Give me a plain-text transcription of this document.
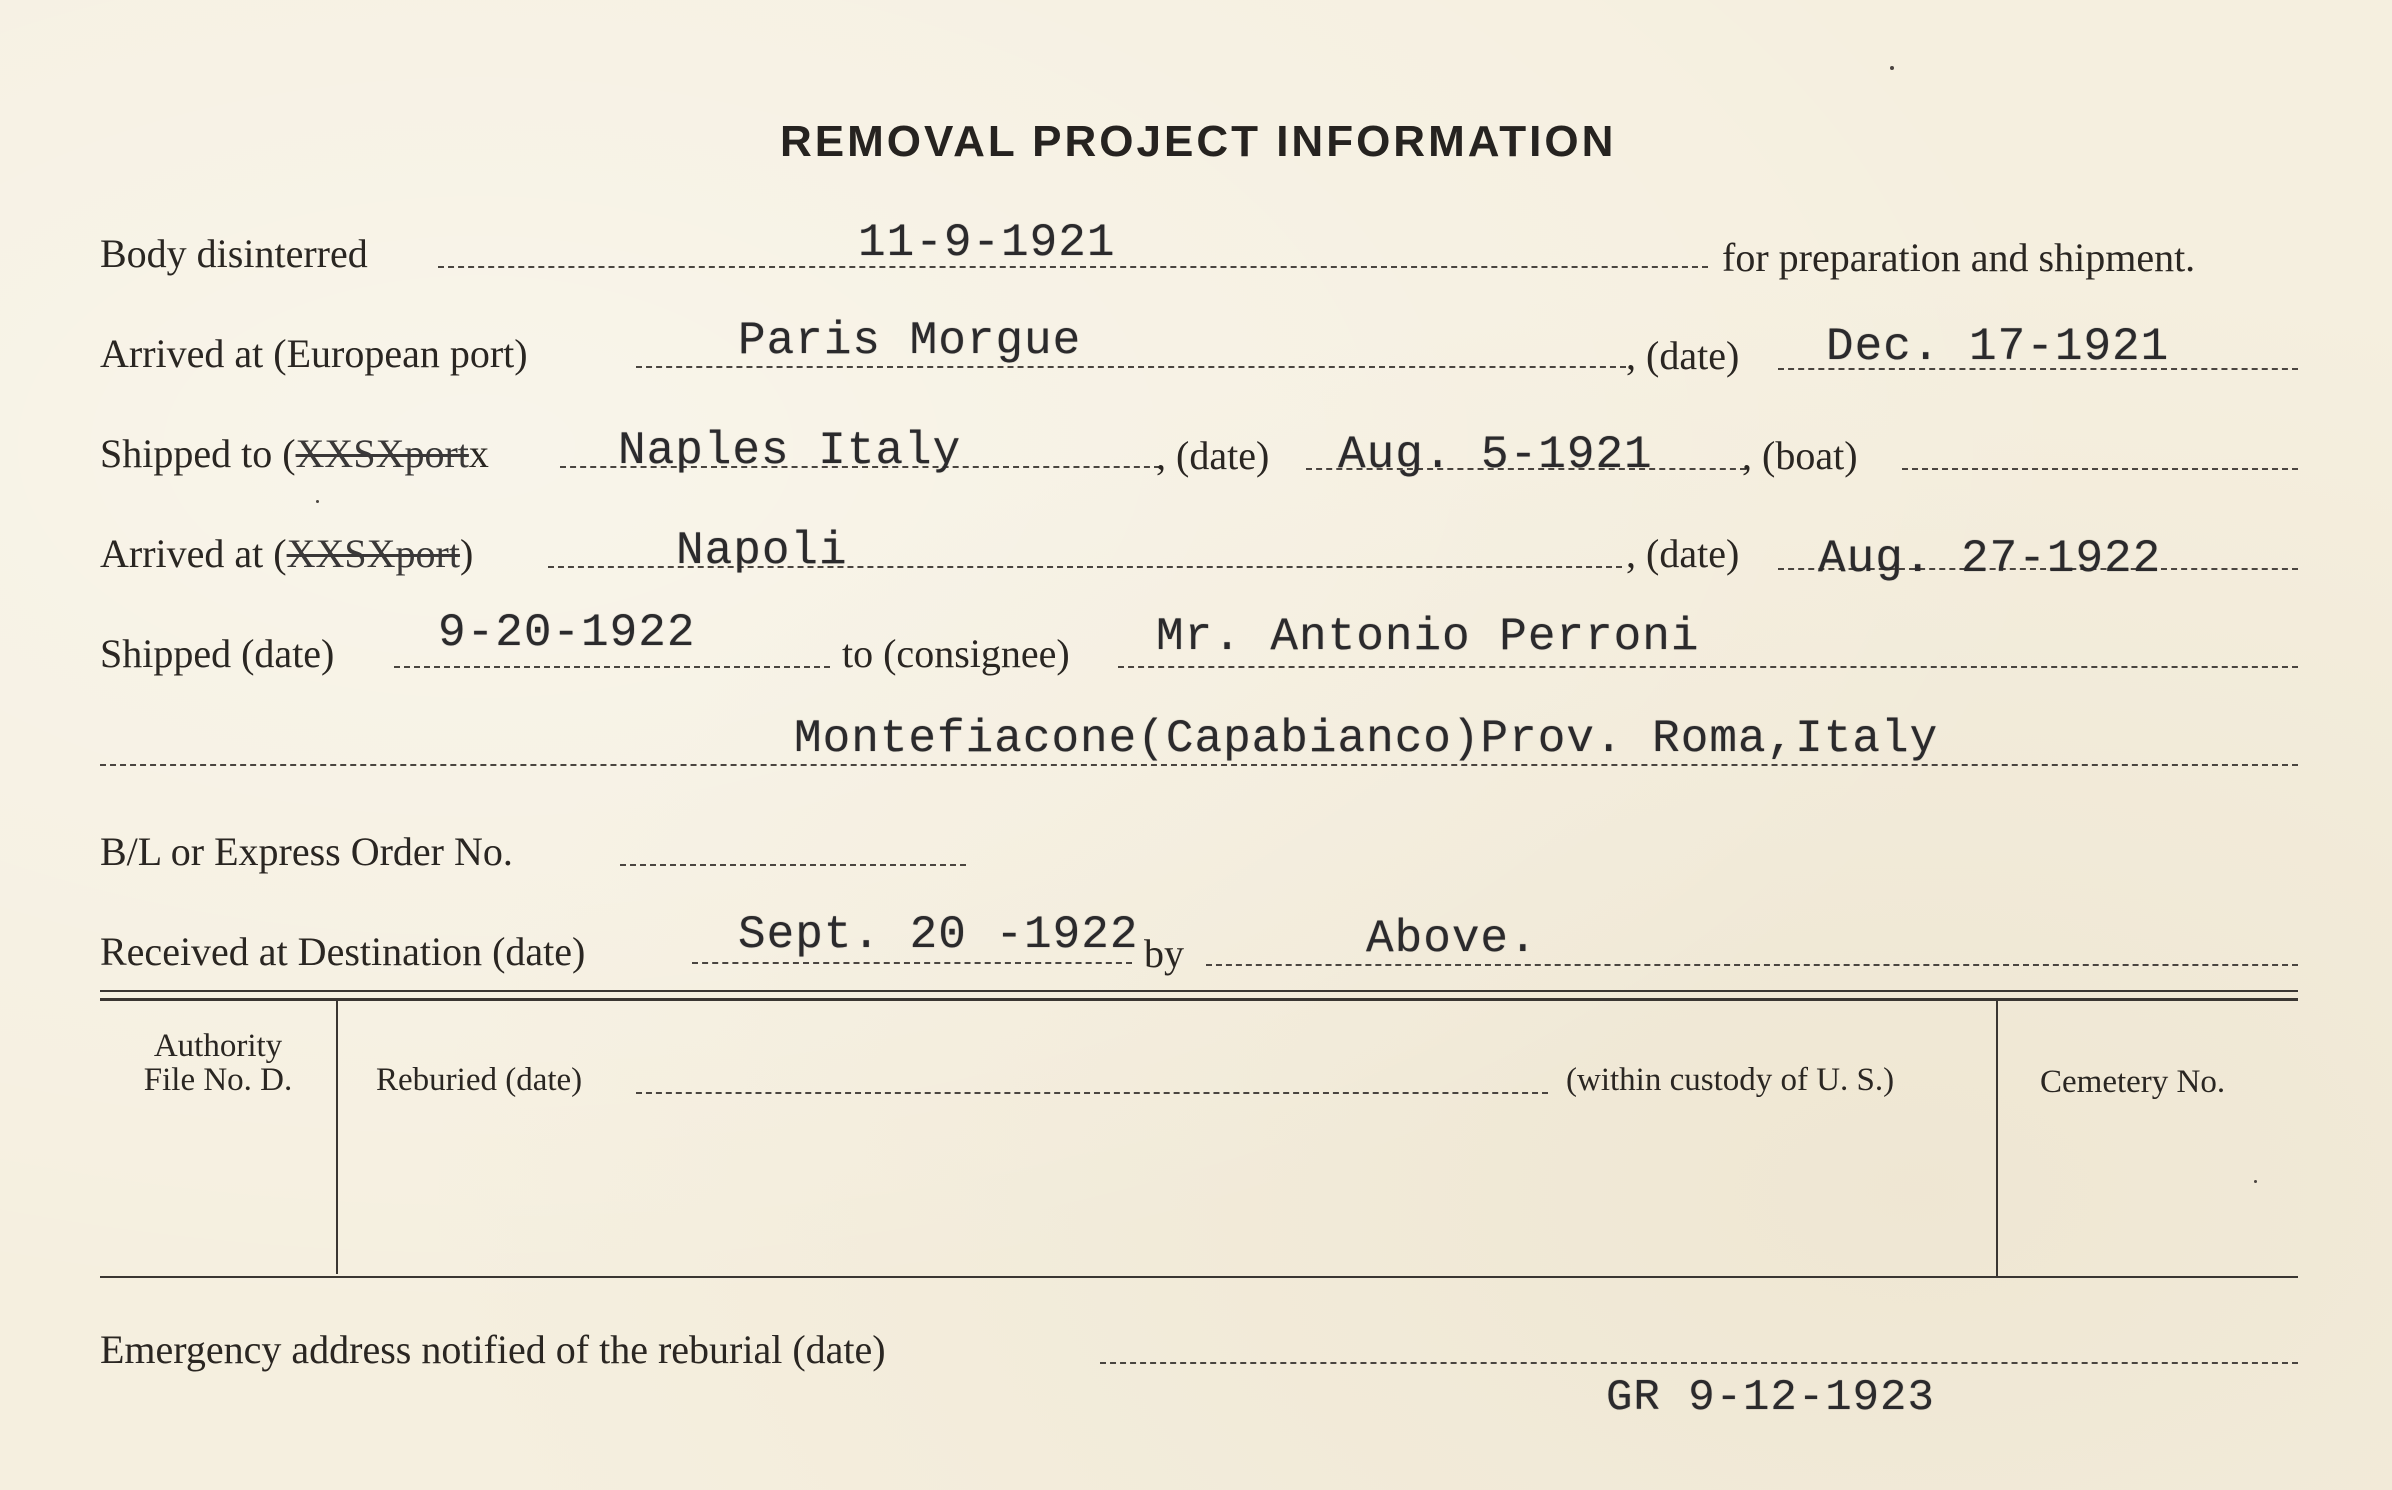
REMOVAL PROJECT INFORMATION
Body disinterred	11-9-1921	for preparation and shipment.
Arrived at (European port)	Paris Morgue	, (date) Dec. 17-1921
Shipped to (XXSXportx	Naples Italy	, (date) Aug. 5-1921 , (boat)
Arrived at (XXSXport)	Napoli	, (date) Aug. 27-1922
Shipped (date) 9-20-1922	to (consignee) Mr. Antonio Perroni
Montefiacone(Capabianco)Prov. Roma,Italy
B/L or Express Order No.
Received at Destination (date)	Sept. 20 -1922 by	Above.
Authority
File No. D.	Reburied (date)	(within custody of U. S.)	Cemetery No.
Emergency address notified of the reburial (date)
GR 9-12-1923
